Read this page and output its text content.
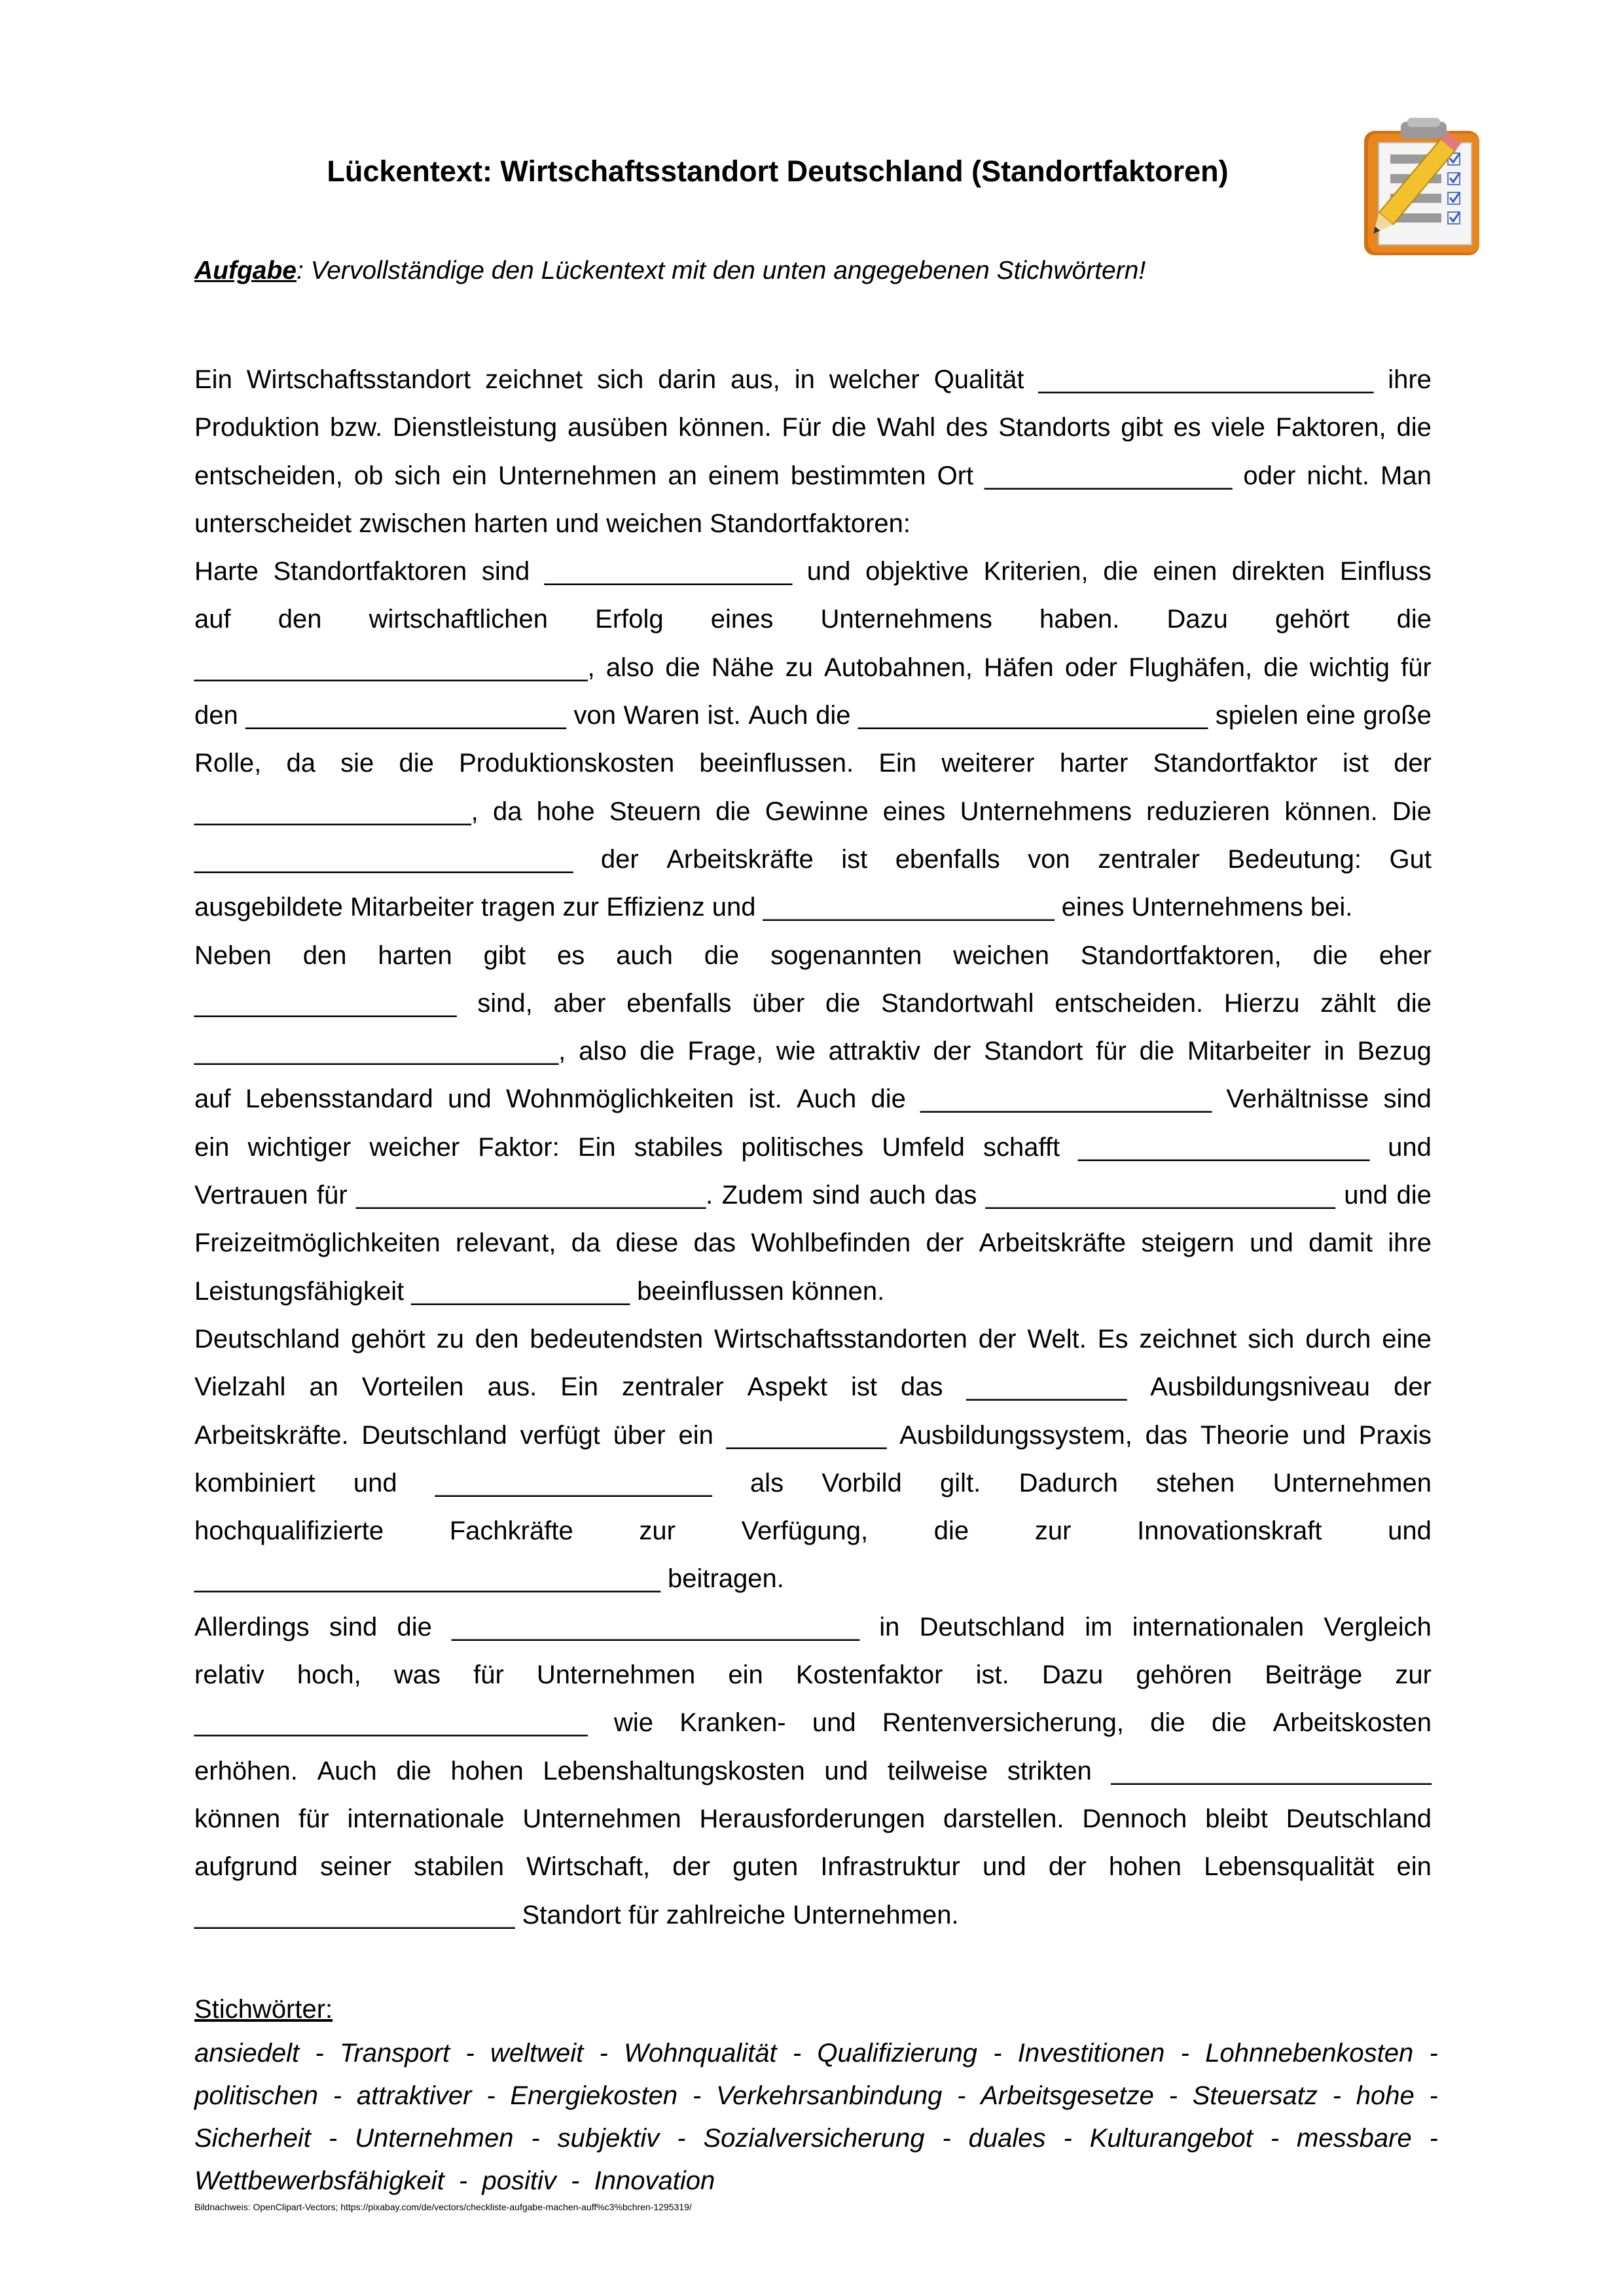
Lückentext: Wirtschaftsstandort Deutschland (Standortfaktoren)
Aufgabe: Vervollständige den Lückentext mit den unten angegebenen Stichwörtern!
Ein Wirtschaftsstandort zeichnet sich darin aus, in welcher Qualität _______________________ ihre
Produktion bzw. Dienstleistung ausüben können. Für die Wahl des Standorts gibt es viele Faktoren, die
entscheiden, ob sich ein Unternehmen an einem bestimmten Ort _________________ oder nicht. Man
unterscheidet zwischen harten und weichen Standortfaktoren:
Harte Standortfaktoren sind _________________ und objektive Kriterien, die einen direkten Einfluss
auf den wirtschaftlichen Erfolg eines Unternehmens haben. Dazu gehört die
___________________________, also die Nähe zu Autobahnen, Häfen oder Flughäfen, die wichtig für
den ______________________ von Waren ist. Auch die ________________________ spielen eine große
Rolle, da sie die Produktionskosten beeinflussen. Ein weiterer harter Standortfaktor ist der
___________________, da hohe Steuern die Gewinne eines Unternehmens reduzieren können. Die
__________________________ der Arbeitskräfte ist ebenfalls von zentraler Bedeutung: Gut
ausgebildete Mitarbeiter tragen zur Effizienz und ____________________ eines Unternehmens bei.
Neben den harten gibt es auch die sogenannten weichen Standortfaktoren, die eher
__________________ sind, aber ebenfalls über die Standortwahl entscheiden. Hierzu zählt die
_________________________, also die Frage, wie attraktiv der Standort für die Mitarbeiter in Bezug
auf Lebensstandard und Wohnmöglichkeiten ist. Auch die ____________________ Verhältnisse sind
ein wichtiger weicher Faktor: Ein stabiles politisches Umfeld schafft ____________________ und
Vertrauen für ________________________. Zudem sind auch das ________________________ und die
Freizeitmöglichkeiten relevant, da diese das Wohlbefinden der Arbeitskräfte steigern und damit ihre
Leistungsfähigkeit _______________ beeinflussen können.
Deutschland gehört zu den bedeutendsten Wirtschaftsstandorten der Welt. Es zeichnet sich durch eine
Vielzahl an Vorteilen aus. Ein zentraler Aspekt ist das ___________ Ausbildungsniveau der
Arbeitskräfte. Deutschland verfügt über ein ___________ Ausbildungssystem, das Theorie und Praxis
kombiniert und ___________________ als Vorbild gilt. Dadurch stehen Unternehmen
hochqualifizierte	Fachkräfte	zur	Verfügung,	die	zur	Innovationskraft	und
________________________________ beitragen.
Allerdings sind die ____________________________ in Deutschland im internationalen Vergleich
relativ hoch, was für Unternehmen ein Kostenfaktor ist. Dazu gehören Beiträge zur
___________________________ wie Kranken- und Rentenversicherung, die die Arbeitskosten
erhöhen. Auch die hohen Lebenshaltungskosten und teilweise strikten ______________________
können für internationale Unternehmen Herausforderungen darstellen. Dennoch bleibt Deutschland
aufgrund seiner stabilen Wirtschaft, der guten Infrastruktur und der hohen Lebensqualität ein
______________________ Standort für zahlreiche Unternehmen.
Stichwörter:
ansiedelt - Transport - weltweit - Wohnqualität - Qualifizierung - Investitionen - Lohnnebenkosten -
politischen - attraktiver - Energiekosten - Verkehrsanbindung - Arbeitsgesetze - Steuersatz - hohe -
Sicherheit - Unternehmen - subjektiv - Sozialversicherung - duales - Kulturangebot - messbare -
Wettbewerbsfähigkeit  -  positiv  -  Innovation
Bildnachweis: OpenClipart-Vectors; https://pixabay.com/de/vectors/checkliste-aufgabe-machen-auff%c3%bchren-1295319/
